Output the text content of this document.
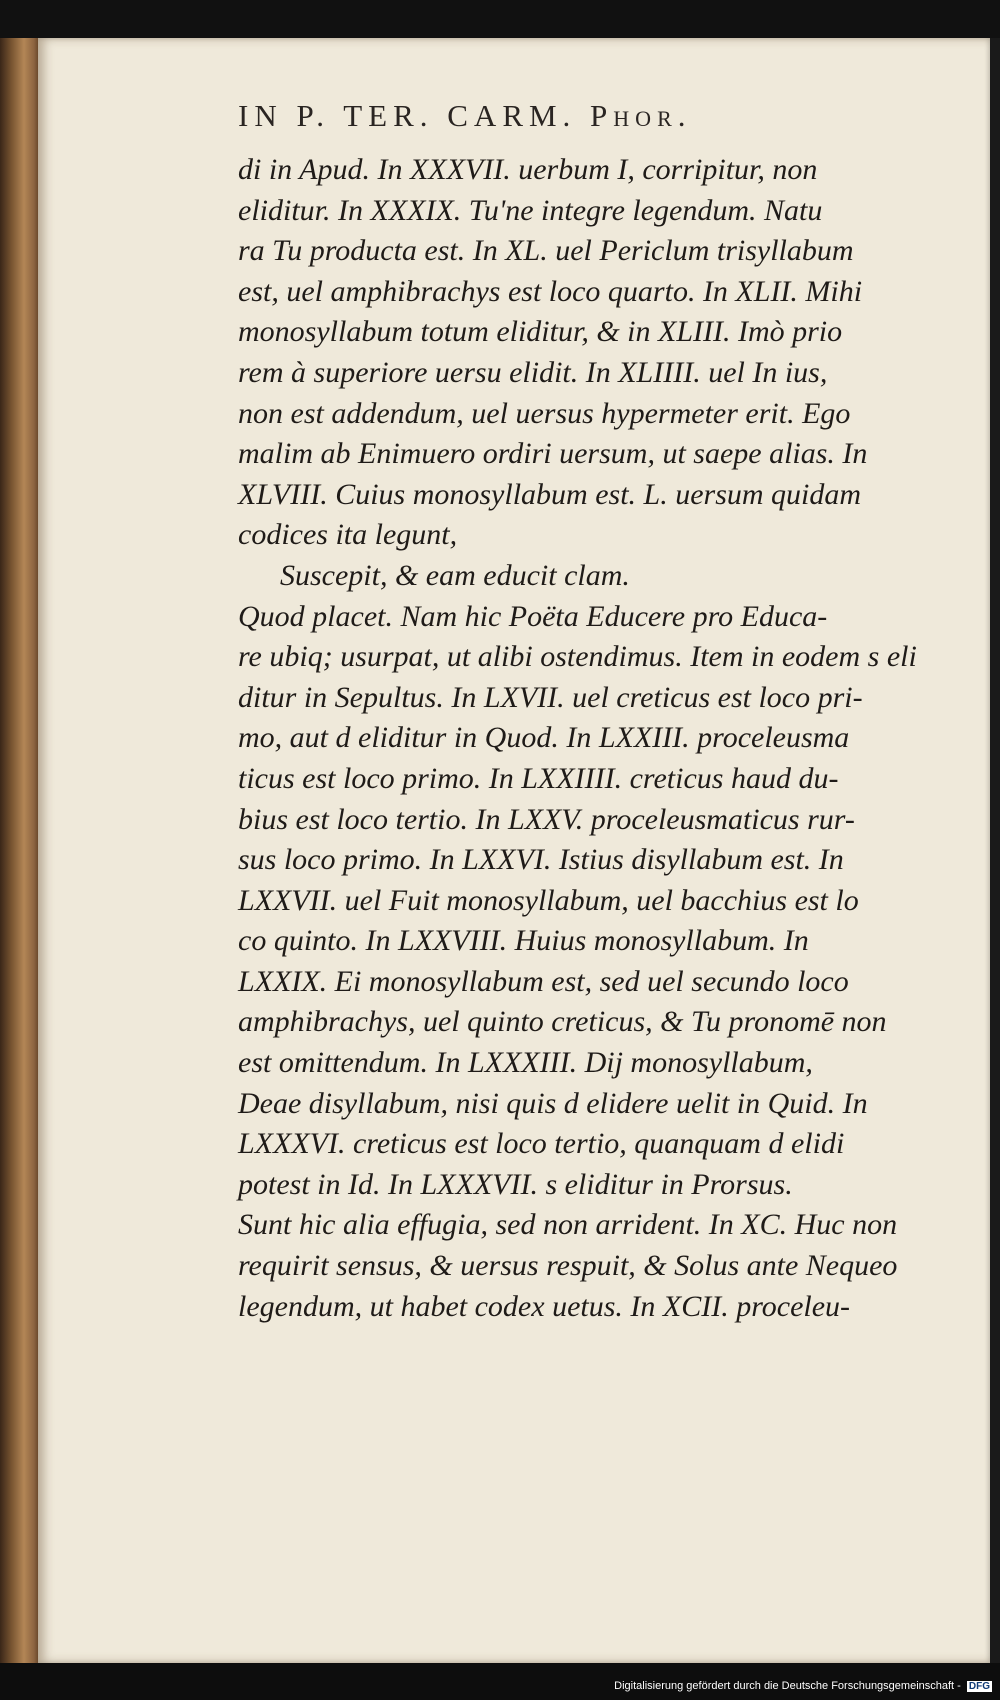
IN P. TER. CARM. Phor.
di in Apud. In XXXVII. uerbum I, corripitur, non
eliditur. In XXXIX. Tu'ne integre legendum. Natu
ra Tu producta est. In XL. uel Periclum trisyllabum
est, uel amphibrachys est loco quarto. In XLII. Mihi
monosyllabum totum eliditur, & in XLIII. Imò prio
rem à superiore uersu elidit. In XLIIII. uel In ius,
non est addendum, uel uersus hypermeter erit. Ego
malim ab Enimuero ordiri uersum, ut saepe alias. In
XLVIII. Cuius monosyllabum est. L. uersum quidam
codices ita legunt,
Suscepit, & eam educit clam.
Quod placet. Nam hic Poëta Educere pro Educa-
re ubiq; usurpat, ut alibi ostendimus. Item in eodem s eli
ditur in Sepultus. In LXVII. uel creticus est loco pri-
mo, aut d eliditur in Quod. In LXXIII. proceleusma
ticus est loco primo. In LXXIIII. creticus haud du-
bius est loco tertio. In LXXV. proceleusmaticus rur-
sus loco primo. In LXXVI. Istius disyllabum est. In
LXXVII. uel Fuit monosyllabum, uel bacchius est lo
co quinto. In LXXVIII. Huius monosyllabum. In
LXXIX. Ei monosyllabum est, sed uel secundo loco
amphibrachys, uel quinto creticus, & Tu pronomē non
est omittendum. In LXXXIII. Dij monosyllabum,
Deae disyllabum, nisi quis d elidere uelit in Quid. In
LXXXVI. creticus est loco tertio, quanquam d elidi
potest in Id. In LXXXVII. s eliditur in Prorsus.
Sunt hic alia effugia, sed non arrident. In XC. Huc non
requirit sensus, & uersus respuit, & Solus ante Nequeo
legendum, ut habet codex uetus. In XCII. proceleu-
Digitalisierung gefördert durch die Deutsche Forschungsgemeinschaft - DFG
